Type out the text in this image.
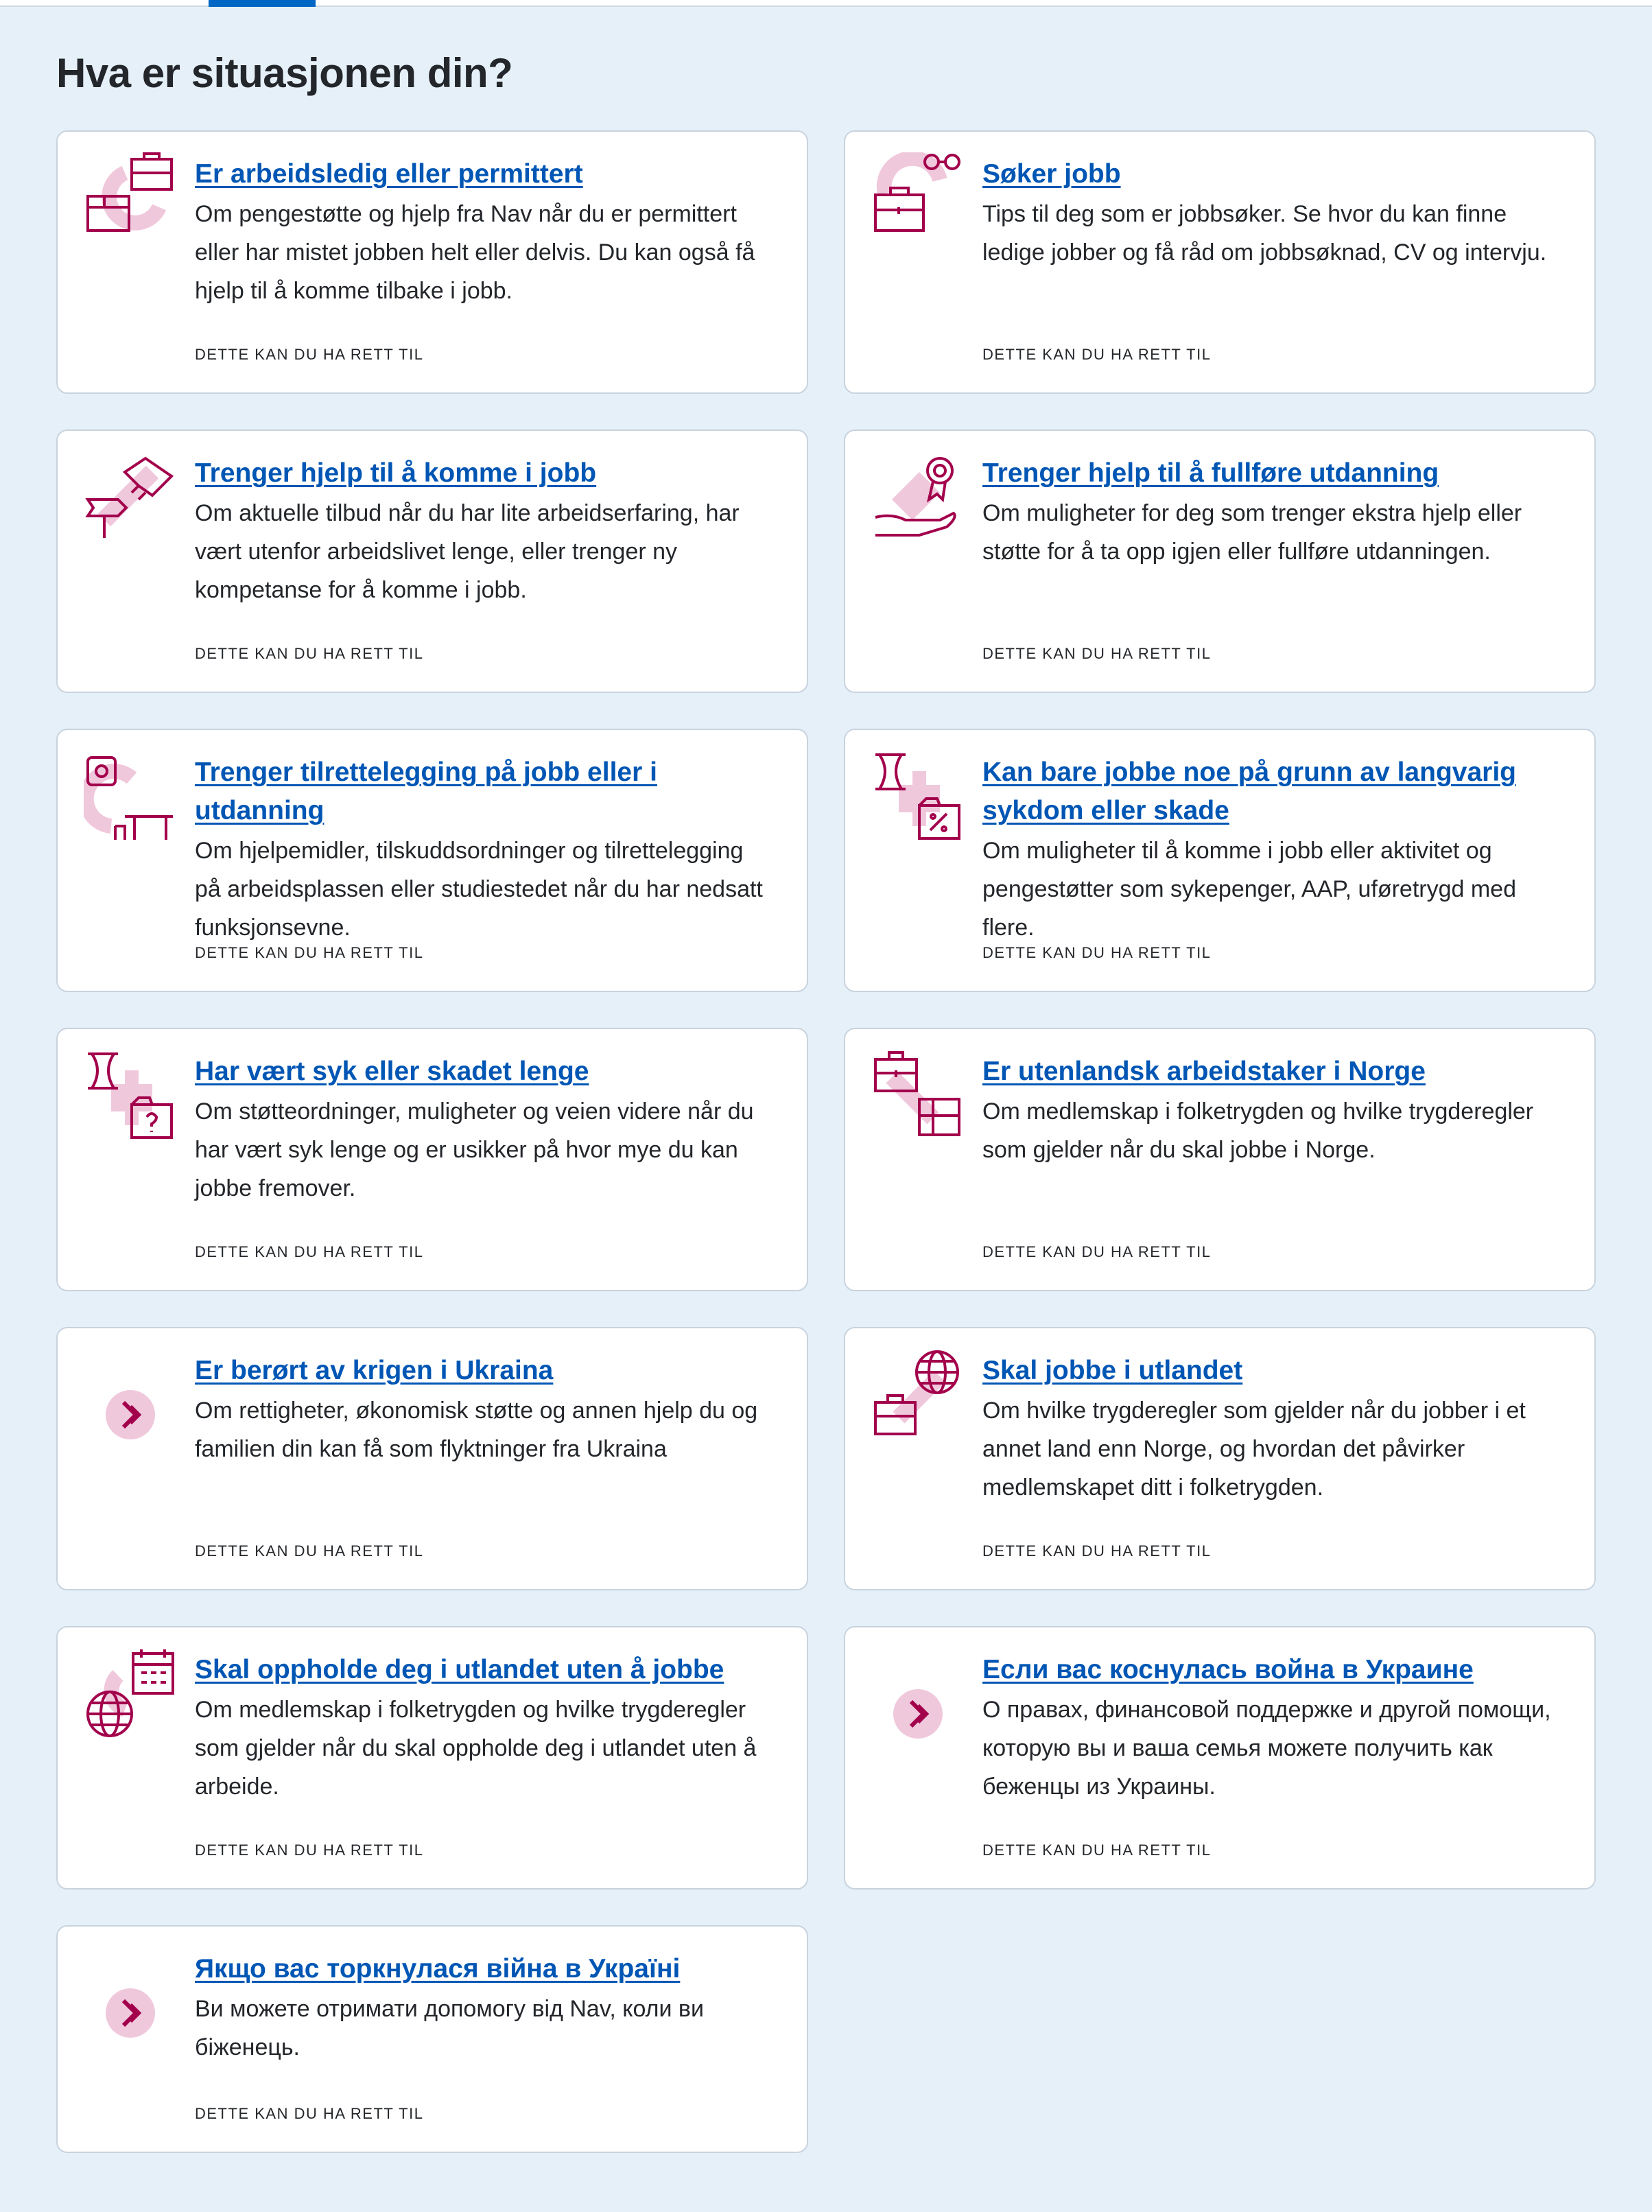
Hva er situasjonen din?
Er arbeidsledig eller permittert

Om pengestøtte og hjelp fra Nav når du er permittert eller har mistet jobben helt eller delvis. Du kan også få hjelp til å komme tilbake i jobb.

DETTE KAN DU HA RETT TIL
Søker jobb

Tips til deg som er jobbsøker. Se hvor du kan finne ledige jobber og få råd om jobbsøknad, CV og intervju.

DETTE KAN DU HA RETT TIL
Trenger hjelp til å komme i jobb

Om aktuelle tilbud når du har lite arbeidserfaring, har vært utenfor arbeidslivet lenge, eller trenger ny kompetanse for å komme i jobb.

DETTE KAN DU HA RETT TIL
Trenger hjelp til å fullføre utdanning

Om muligheter for deg som trenger ekstra hjelp eller støtte for å ta opp igjen eller fullføre utdanningen.

DETTE KAN DU HA RETT TIL
Trenger tilrettelegging på jobb eller i utdanning

Om hjelpemidler, tilskuddsordninger og tilrettelegging på arbeidsplassen eller studiestedet når du har nedsatt funksjonsevne.

DETTE KAN DU HA RETT TIL
Kan bare jobbe noe på grunn av langvarig sykdom eller skade

Om muligheter til å komme i jobb eller aktivitet og pengestøtter som sykepenger, AAP, uføretrygd med flere.

DETTE KAN DU HA RETT TIL
Har vært syk eller skadet lenge

Om støtteordninger, muligheter og veien videre når du har vært syk lenge og er usikker på hvor mye du kan jobbe fremover.

DETTE KAN DU HA RETT TIL
Er utenlandsk arbeidstaker i Norge

Om medlemskap i folketrygden og hvilke trygderegler som gjelder når du skal jobbe i Norge.

DETTE KAN DU HA RETT TIL
Er berørt av krigen i Ukraina

Om rettigheter, økonomisk støtte og annen hjelp du og familien din kan få som flyktninger fra Ukraina

DETTE KAN DU HA RETT TIL
Skal jobbe i utlandet

Om hvilke trygderegler som gjelder når du jobber i et annet land enn Norge, og hvordan det påvirker medlemskapet ditt i folketrygden.

DETTE KAN DU HA RETT TIL
Skal oppholde deg i utlandet uten å jobbe

Om medlemskap i folketrygden og hvilke trygderegler som gjelder når du skal oppholde deg i utlandet uten å arbeide.

DETTE KAN DU HA RETT TIL
Если вас коснулась война в Украине

О правах, финансовой поддержке и другой помощи, которую вы и ваша семья можете получить как беженцы из Украины.

DETTE KAN DU HA RETT TIL
Якщо вас торкнулася війна в Україні

Ви можете отримати допомогу від Nav, коли ви біженець.

DETTE KAN DU HA RETT TIL
